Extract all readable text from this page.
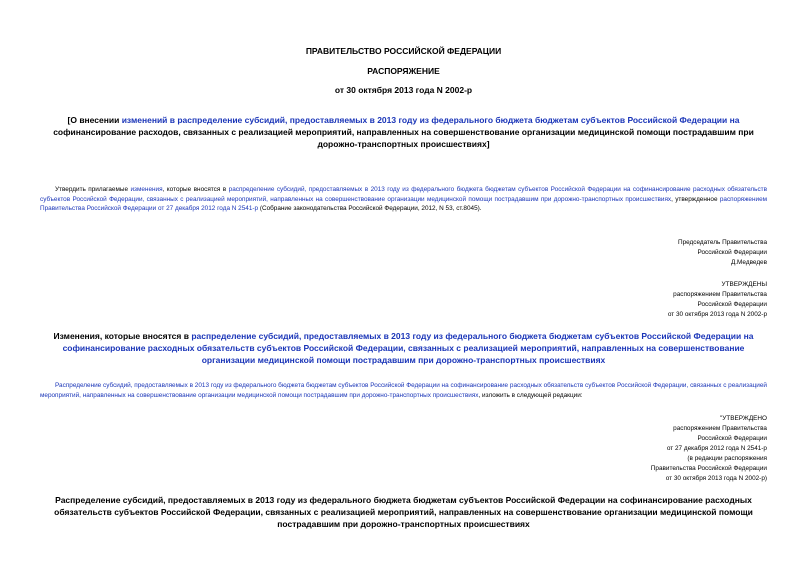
ПРАВИТЕЛЬСТВО РОССИЙСКОЙ ФЕДЕРАЦИИ
РАСПОРЯЖЕНИЕ
от 30 октября 2013 года N 2002-р
[О внесении изменений в распределение субсидий, предоставляемых в 2013 году из федерального бюджета бюджетам субъектов Российской Федерации на софинансирование расходов, связанных с реализацией мероприятий, направленных на совершенствование организации медицинской помощи пострадавшим при дорожно-транспортных происшествиях]
Утвердить прилагаемые изменения, которые вносятся в распределение субсидий, предоставляемых в 2013 году из федерального бюджета бюджетам субъектов Российской Федерации на софинансирование расходных обязательств субъектов Российской Федерации, связанных с реализацией мероприятий, направленных на совершенствование организации медицинской помощи пострадавшим при дорожно-транспортных происшествиях, утвержденное распоряжением Правительства Российской Федерации от 27 декабря 2012 года N 2541-р (Собрание законодательства Российской Федерации, 2012, N 53, ст.8045).
Председатель Правительства
Российской Федерации
Д.Медведев
УТВЕРЖДЕНЫ
распоряжением Правительства
Российской Федерации
от 30 октября 2013 года N 2002-р
Изменения, которые вносятся в распределение субсидий, предоставляемых в 2013 году из федерального бюджета бюджетам субъектов Российской Федерации на софинансирование расходных обязательств субъектов Российской Федерации, связанных с реализацией мероприятий, направленных на совершенствование организации медицинской помощи пострадавшим при дорожно-транспортных происшествиях
Распределение субсидий, предоставляемых в 2013 году из федерального бюджета бюджетам субъектов Российской Федерации на софинансирование расходных обязательств субъектов Российской Федерации, связанных с реализацией мероприятий, направленных на совершенствование организации медицинской помощи пострадавшим при дорожно-транспортных происшествиях, изложить в следующей редакции:
"УТВЕРЖДЕНО
распоряжением Правительства
Российской Федерации
от 27 декабря 2012 года N 2541-р
(в редакции распоряжения
Правительства Российской Федерации
от 30 октября 2013 года N 2002-р)
Распределение субсидий, предоставляемых в 2013 году из федерального бюджета бюджетам субъектов Российской Федерации на софинансирование расходных обязательств субъектов Российской Федерации, связанных с реализацией мероприятий, направленных на совершенствование организации медицинской помощи пострадавшим при дорожно-транспортных происшествиях
